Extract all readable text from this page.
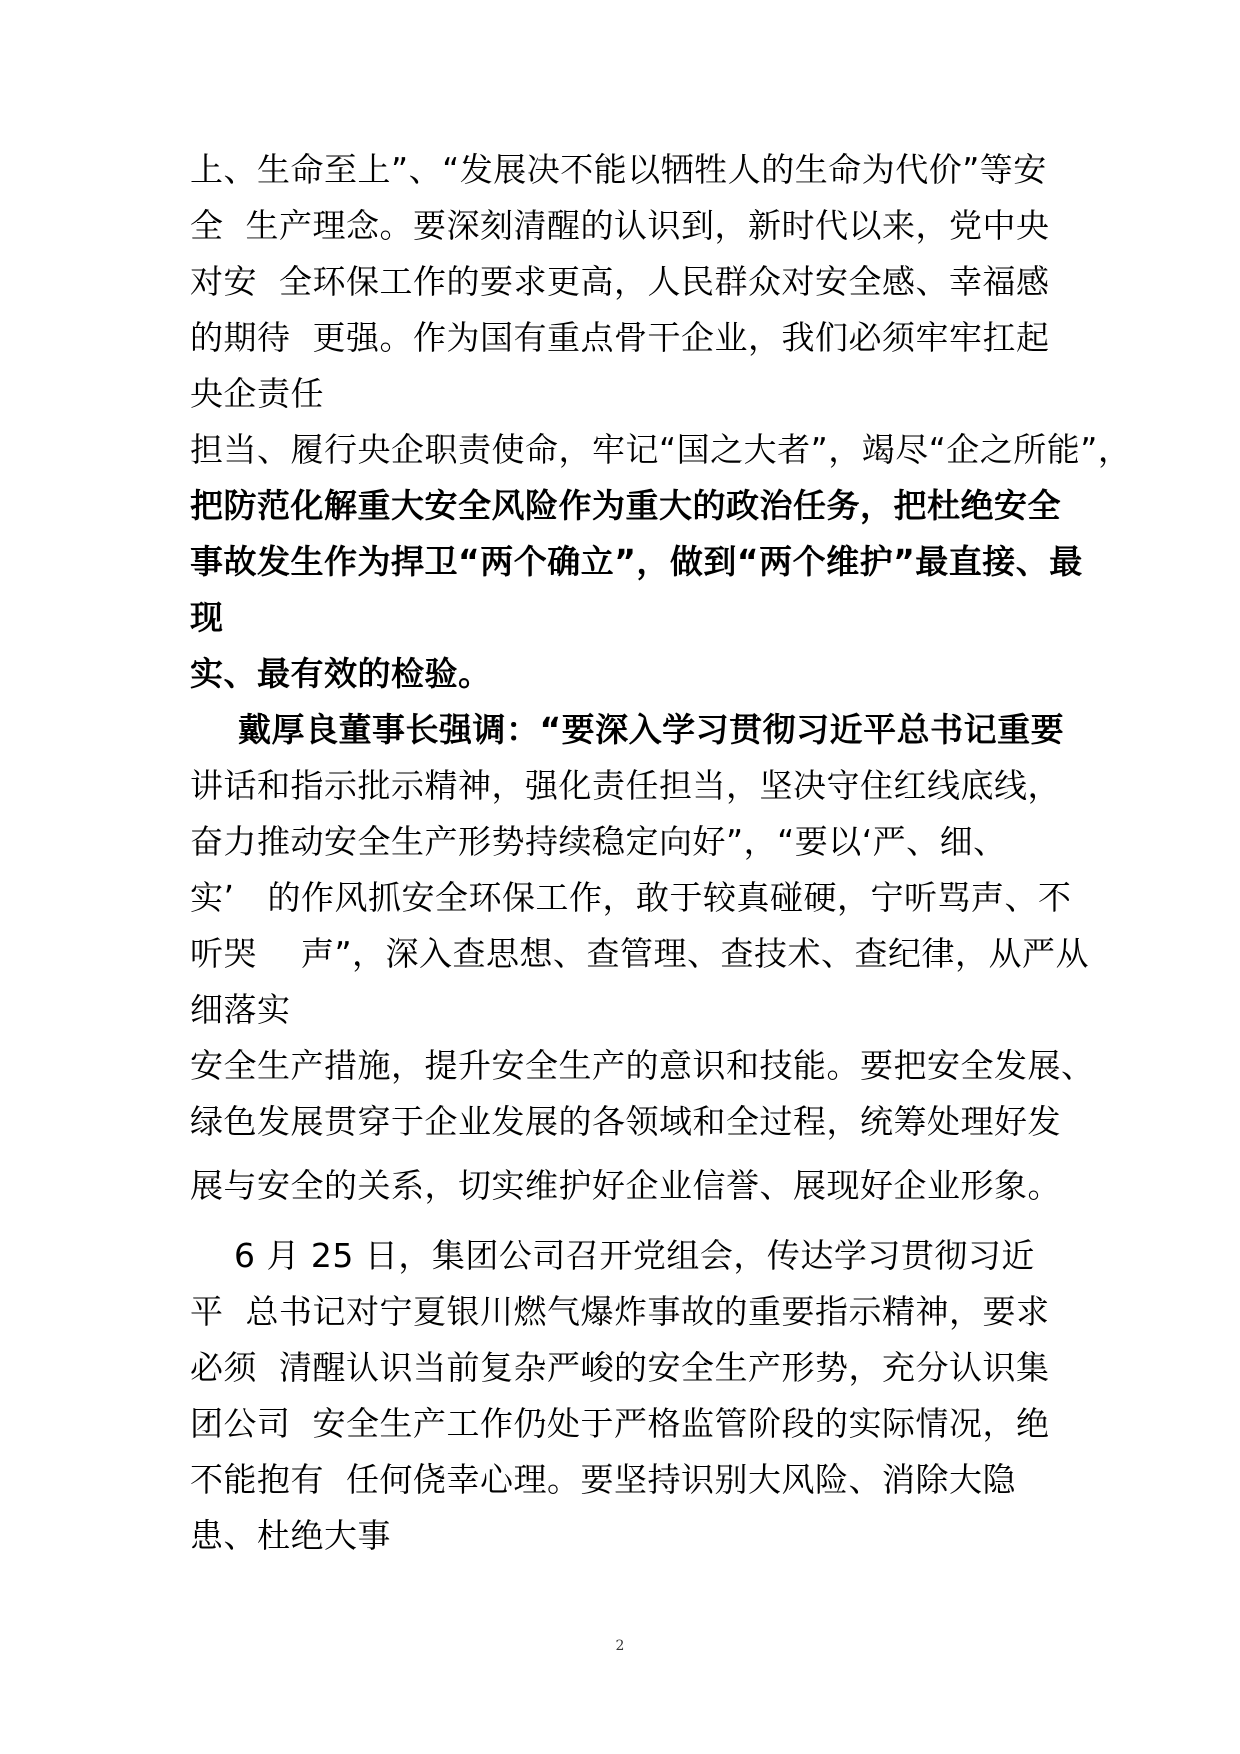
上、生命至上”、“发展决不能以牺牲人的生命为代价”等安
全  生产理念。要深刻清醒的认识到，新时代以来，党中央
对安  全环保工作的要求更高，人民群众对安全感、幸福感
的期待  更强。作为国有重点骨干企业，我们必须牢牢扛起
央企责任
担当、履行央企职责使命，牢记“国之大者”，竭尽“企之所能”，
把防范化解重大安全风险作为重大的政治任务，把杜绝安全
事故发生作为捍卫“两个确立”，做到“两个维护”最直接、最
现
实、最有效的检验。
戴厚良董事长强调：“要深入学习贯彻习近平总书记重要
讲话和指示批示精神，强化责任担当，坚决守住红线底线，
奋力推动安全生产形势持续稳定向好”，“要以‘严、细、
实’   的作风抓安全环保工作，敢于较真碰硬，宁听骂声、不
听哭    声”，深入查思想、查管理、查技术、查纪律，从严从
细落实
安全生产措施，提升安全生产的意识和技能。要把安全发展、
绿色发展贯穿于企业发展的各领域和全过程，统筹处理好发
展与安全的关系，切实维护好企业信誉、展现好企业形象。
6 月 25 日，集团公司召开党组会，传达学习贯彻习近
平  总书记对宁夏银川燃气爆炸事故的重要指示精神，要求
必须  清醒认识当前复杂严峻的安全生产形势，充分认识集
团公司  安全生产工作仍处于严格监管阶段的实际情况，绝
不能抱有  任何侥幸心理。要坚持识别大风险、消除大隐
患、杜绝大事
2
